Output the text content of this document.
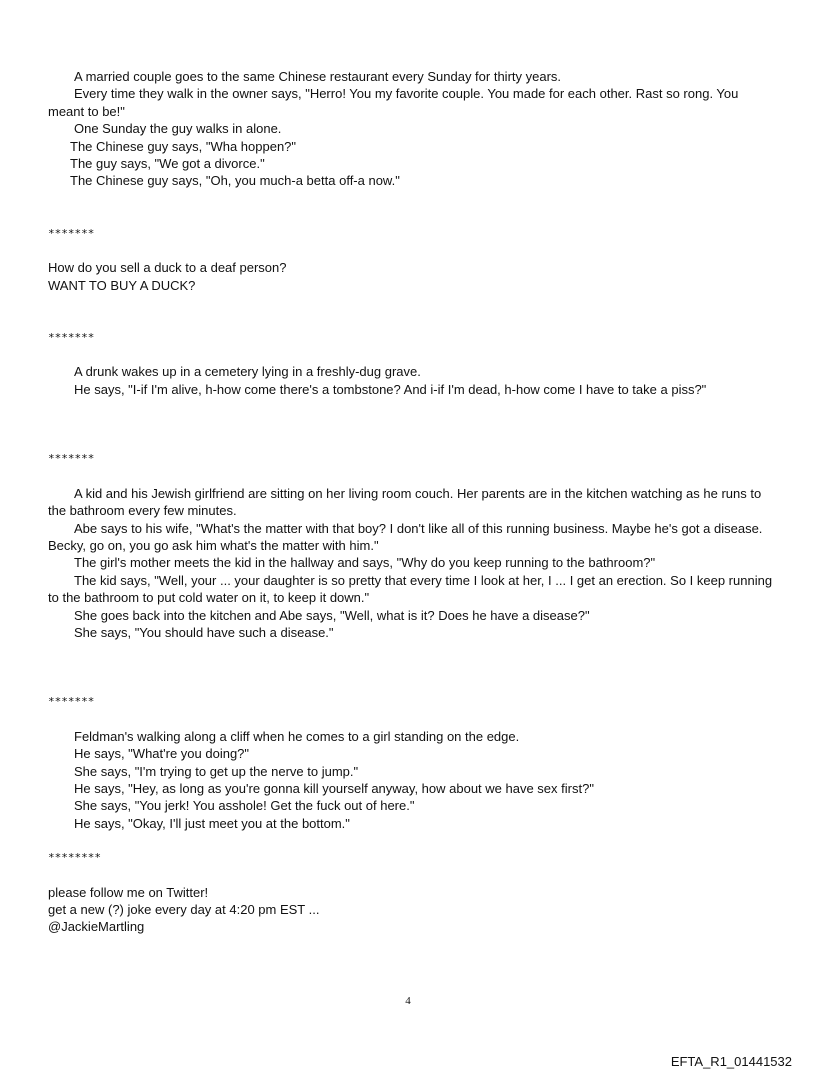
A married couple goes to the same Chinese restaurant every Sunday for thirty years.

Every time they walk in the owner says, "Herro! You my favorite couple. You made for each other. Rast so rong. You meant to be!"

One Sunday the guy walks in alone.

The Chinese guy says, "Wha hoppen?"

The guy says, "We got a divorce."

The Chinese guy says, "Oh, you much-a betta off-a now."

*******

How do you sell a duck to a deaf person?

WANT TO BUY A DUCK?

*******

A drunk wakes up in a cemetery lying in a freshly-dug grave.

He says, "I-if I'm alive, h-how come there's a tombstone? And i-if I'm dead, h-how come I have to take a piss?"

*******

A kid and his Jewish girlfriend are sitting on her living room couch. Her parents are in the kitchen watching as he runs to the bathroom every few minutes.

Abe says to his wife, "What's the matter with that boy? I don't like all of this running business. Maybe he's got a disease. Becky, go on, you go ask him what's the matter with him."

The girl's mother meets the kid in the hallway and says, "Why do you keep running to the bathroom?"

The kid says, "Well, your ... your daughter is so pretty that every time I look at her, I ... I get an erection. So I keep running to the bathroom to put cold water on it, to keep it down."

She goes back into the kitchen and Abe says, "Well, what is it? Does he have a disease?"

She says, "You should have such a disease."

*******

Feldman's walking along a cliff when he comes to a girl standing on the edge.

He says, "What're you doing?"

She says, "I'm trying to get up the nerve to jump."

He says, "Hey, as long as you're gonna kill yourself anyway, how about we have sex first?"

She says, "You jerk! You asshole! Get the fuck out of here."

He says, "Okay, I'll just meet you at the bottom."

********

please follow me on Twitter!

get a new (?) joke every day at 4:20 pm EST ...

@JackieMartling

4
EFTA_R1_01441532
